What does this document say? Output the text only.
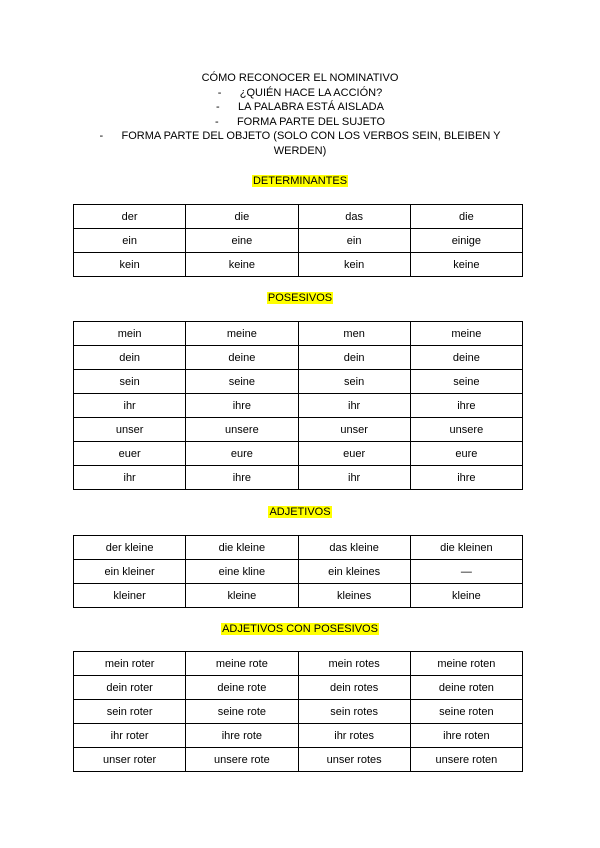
CÓMO RECONOCER EL NOMINATIVO
- ¿QUIÉN HACE LA ACCIÓN?
- LA PALABRA ESTÁ AISLADA
- FORMA PARTE DEL SUJETO
- FORMA PARTE DEL OBJETO (SOLO CON LOS VERBOS SEIN, BLEIBEN Y WERDEN)
DETERMINANTES
der	die	das	die
ein	eine	ein	einige
kein	keine	kein	keine
POSESIVOS
mein	meine	men	meine
dein	deine	dein	deine
sein	seine	sein	seine
ihr	ihre	ihr	ihre
unser	unsere	unser	unsere
euer	eure	euer	eure
ihr	ihre	ihr	ihre
ADJETIVOS
der kleine	die kleine	das kleine	die kleinen
ein kleiner	eine kline	ein kleines	—
kleiner	kleine	kleines	kleine
ADJETIVOS CON POSESIVOS
mein roter	meine rote	mein rotes	meine roten
dein roter	deine rote	dein rotes	deine roten
sein roter	seine rote	sein rotes	seine roten
ihr roter	ihre rote	ihr rotes	ihre roten
unser roter	unsere rote	unser rotes	unsere roten
